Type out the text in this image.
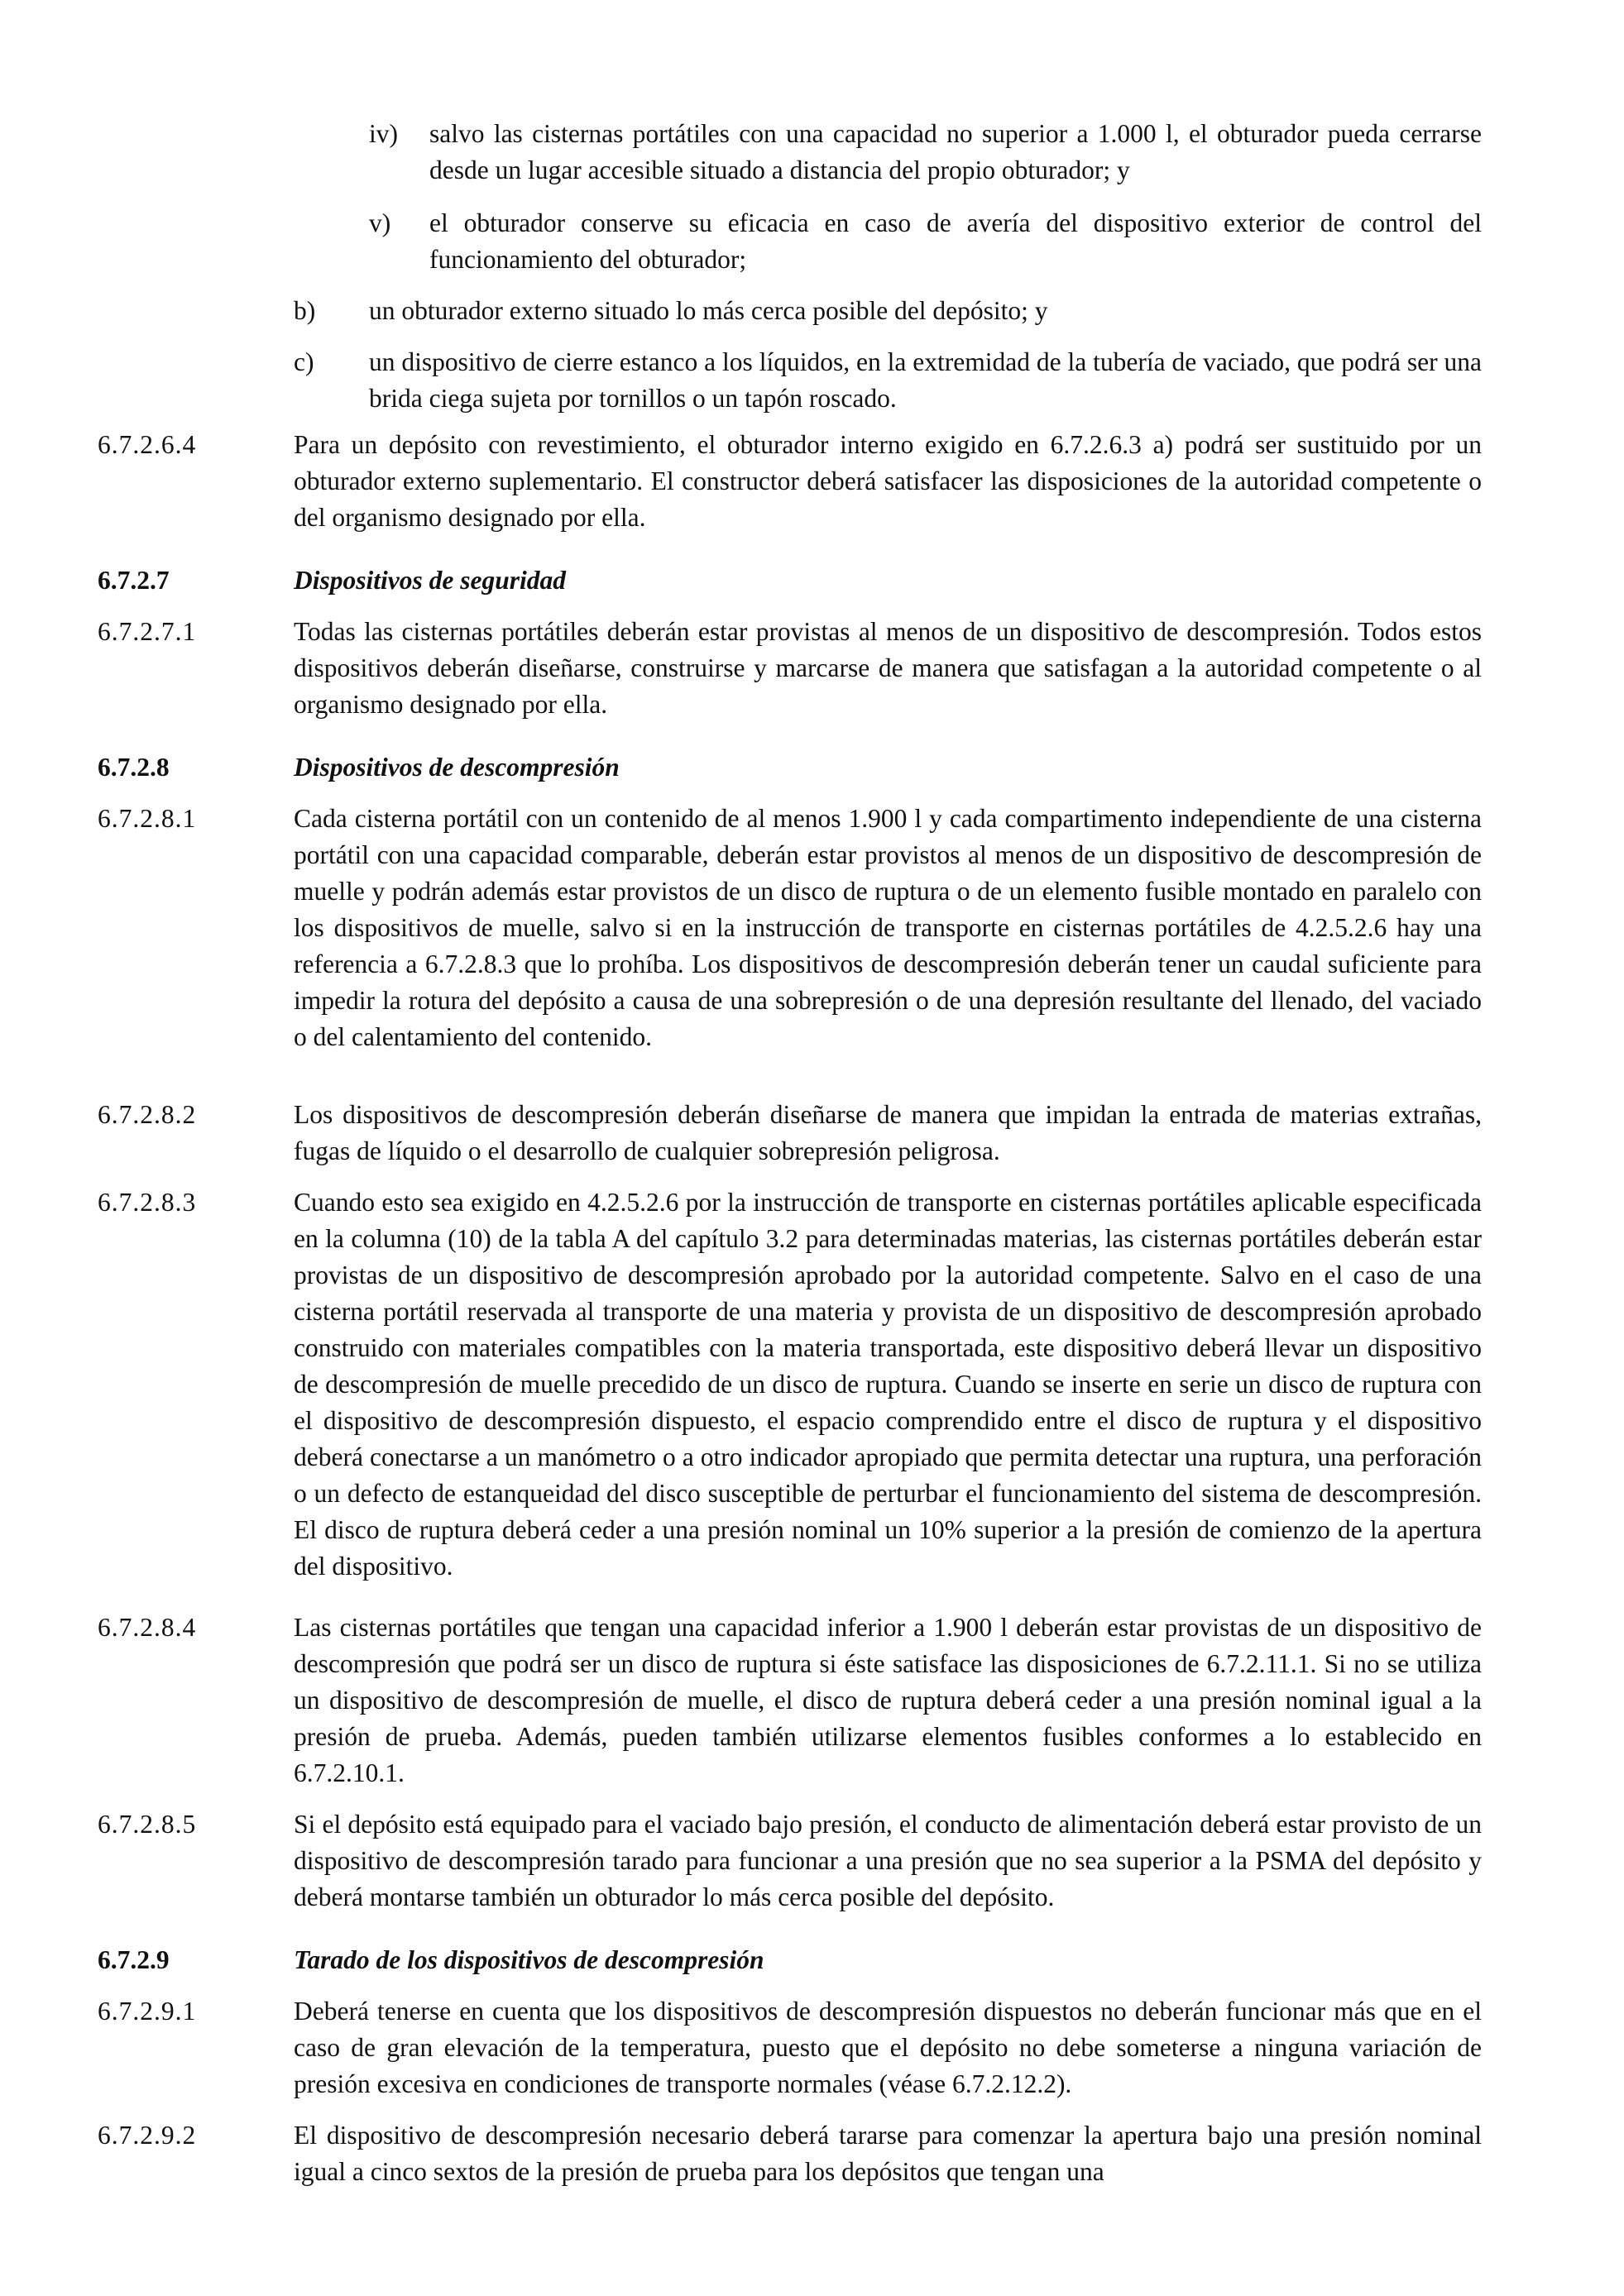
iv) salvo las cisternas portátiles con una capacidad no superior a 1.000 l, el obturador pueda cerrarse desde un lugar accesible situado a distancia del propio obturador; y
v) el obturador conserve su eficacia en caso de avería del dispositivo exterior de control del funcionamiento del obturador;
b) un obturador externo situado lo más cerca posible del depósito; y
c) un dispositivo de cierre estanco a los líquidos, en la extremidad de la tubería de vaciado, que podrá ser una brida ciega sujeta por tornillos o un tapón roscado.
6.7.2.6.4	Para un depósito con revestimiento, el obturador interno exigido en 6.7.2.6.3 a) podrá ser sustituido por un obturador externo suplementario. El constructor deberá satisfacer las disposiciones de la autoridad competente o del organismo designado por ella.
6.7.2.7	Dispositivos de seguridad
6.7.2.7.1	Todas las cisternas portátiles deberán estar provistas al menos de un dispositivo de descompresión. Todos estos dispositivos deberán diseñarse, construirse y marcarse de manera que satisfagan a la autoridad competente o al organismo designado por ella.
6.7.2.8	Dispositivos de descompresión
6.7.2.8.1	Cada cisterna portátil con un contenido de al menos 1.900 l y cada compartimento independiente de una cisterna portátil con una capacidad comparable, deberán estar provistos al menos de un dispositivo de descompresión de muelle y podrán además estar provistos de un disco de ruptura o de un elemento fusible montado en paralelo con los dispositivos de muelle, salvo si en la instrucción de transporte en cisternas portátiles de 4.2.5.2.6 hay una referencia a 6.7.2.8.3 que lo prohíba. Los dispositivos de descompresión deberán tener un caudal suficiente para impedir la rotura del depósito a causa de una sobrepresión o de una depresión resultante del llenado, del vaciado o del calentamiento del contenido.
6.7.2.8.2	Los dispositivos de descompresión deberán diseñarse de manera que impidan la entrada de materias extrañas, fugas de líquido o el desarrollo de cualquier sobrepresión peligrosa.
6.7.2.8.3	Cuando esto sea exigido en 4.2.5.2.6 por la instrucción de transporte en cisternas portátiles aplicable especificada en la columna (10) de la tabla A del capítulo 3.2 para determinadas materias, las cisternas portátiles deberán estar provistas de un dispositivo de descompresión aprobado por la autoridad competente. Salvo en el caso de una cisterna portátil reservada al transporte de una materia y provista de un dispositivo de descompresión aprobado construido con materiales compatibles con la materia transportada, este dispositivo deberá llevar un dispositivo de descompresión de muelle precedido de un disco de ruptura. Cuando se inserte en serie un disco de ruptura con el dispositivo de descompresión dispuesto, el espacio comprendido entre el disco de ruptura y el dispositivo deberá conectarse a un manómetro o a otro indicador apropiado que permita detectar una ruptura, una perforación o un defecto de estanqueidad del disco susceptible de perturbar el funcionamiento del sistema de descompresión. El disco de ruptura deberá ceder a una presión nominal un 10% superior a la presión de comienzo de la apertura del dispositivo.
6.7.2.8.4	Las cisternas portátiles que tengan una capacidad inferior a 1.900 l deberán estar provistas de un dispositivo de descompresión que podrá ser un disco de ruptura si éste satisface las disposiciones de 6.7.2.11.1. Si no se utiliza un dispositivo de descompresión de muelle, el disco de ruptura deberá ceder a una presión nominal igual a la presión de prueba. Además, pueden también utilizarse elementos fusibles conformes a lo establecido en 6.7.2.10.1.
6.7.2.8.5	Si el depósito está equipado para el vaciado bajo presión, el conducto de alimentación deberá estar provisto de un dispositivo de descompresión tarado para funcionar a una presión que no sea superior a la PSMA del depósito y deberá montarse también un obturador lo más cerca posible del depósito.
6.7.2.9	Tarado de los dispositivos de descompresión
6.7.2.9.1	Deberá tenerse en cuenta que los dispositivos de descompresión dispuestos no deberán funcionar más que en el caso de gran elevación de la temperatura, puesto que el depósito no debe someterse a ninguna variación de presión excesiva en condiciones de transporte normales (véase 6.7.2.12.2).
6.7.2.9.2	El dispositivo de descompresión necesario deberá tararse para comenzar la apertura bajo una presión nominal igual a cinco sextos de la presión de prueba para los depósitos que tengan una
